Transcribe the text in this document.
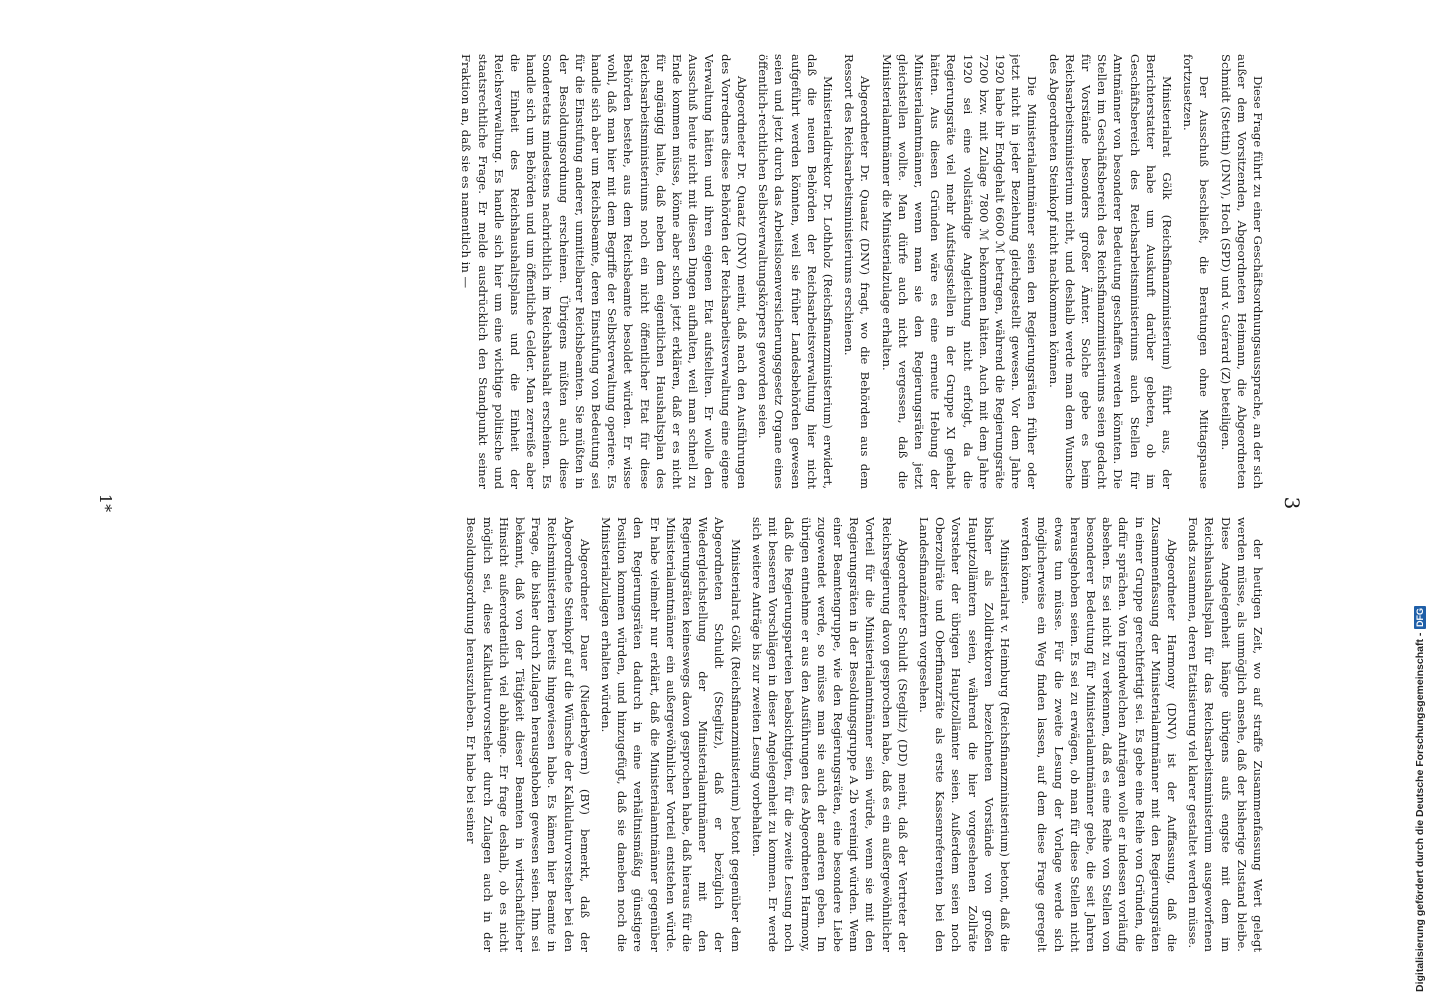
3

Diese Frage führt zu einer Geschäftsordnungsaussprache, an der sich außer dem Vorsitzenden, Abgeordneten Heimann, die Abgeordneten Schmidt (Stettin) (DNV), Hoch (SPD) und v. Guérard (Z) beteiligen.

Der Ausschuß beschließt, die Beratungen ohne Mittagspause fortzusetzen.

Ministerialrat Gölk (Reichsfinanzministerium) führt aus, der Berichterstatter habe um Auskunft darüber gebeten, ob im Geschäftsbereich des Reichsarbeitsministeriums auch Stellen für Amtmänner von besonderer Bedeutung geschaffen werden könnten. Die Stellen im Geschäftsbereich des Reichsfinanzministeriums seien gedacht für Vorstände besonders großer Ämter. Solche gebe es beim Reichsarbeitsministerium nicht, und deshalb werde man dem Wunsche des Abgeordneten Steinkopf nicht nachkommen können.

Die Ministerialamtmänner seien den Regierungsräten früher oder jetzt nicht in jeder Beziehung gleichgestellt gewesen. Vor dem Jahre 1920 habe ihr Endgehalt 6600 ℳ betragen, während die Regierungsräte 7200 bzw. mit Zulage 7800 ℳ bekommen hätten. Auch mit dem Jahre 1920 sei eine vollständige Angleichung nicht erfolgt, da die Regierungsräte viel mehr Aufstiegsstellen in der Gruppe XI gehabt hätten. Aus diesen Gründen wäre es eine erneute Hebung der Ministerialamtmänner, wenn man sie den Regierungsräten jetzt gleichstellen wollte. Man dürfe auch nicht vergessen, daß die Ministerialamtmänner die Ministerialzulage erhalten.

Abgeordneter Dr. Quaatz (DNV) fragt, wo die Behörden aus dem Ressort des Reichsarbeitsministeriums erschienen.

Ministerialdirektor Dr. Lothholz (Reichsfinanzministerium) erwidert, daß die neuen Behörden der Reichsarbeitsverwaltung hier nicht aufgeführt werden könnten, weil sie früher Landesbehörden gewesen seien und jetzt durch das Arbeitslosenversicherungsgesetz Organe eines öffentlich-rechtlichen Selbstverwaltungskörpers geworden seien.

Abgeordneter Dr. Quaatz (DNV) meint, daß nach den Ausführungen des Vorredners diese Behörden der Reichsarbeitsverwaltung eine eigene Verwaltung hätten und ihren eigenen Etat aufstellten. Er wolle den Ausschuß heute nicht mit diesen Dingen aufhalten, weil man schnell zu Ende kommen müsse, könne aber schon jetzt erklären, daß er es nicht für angängig halte, daß neben dem eigentlichen Haushaltsplan des Reichsarbeitsministeriums noch ein nicht öffentlicher Etat für diese Behörden bestehe, aus dem Reichsbeamte besoldet würden. Er wisse wohl, daß man hier mit dem Begriffe der Selbstverwaltung operiere. Es handle sich aber um Reichsbeamte, deren Einstufung von Bedeutung sei für die Einstufung anderer, unmittelbarer Reichsbeamten. Sie müßten in der Besoldungsordnung erscheinen. Übrigens müßten auch diese Sonderetats mindestens nachrichtlich im Reichshaushalt erscheinen. Es handle sich um Behörden und um öffentliche Gelder. Man zerreiße aber die Einheit des Reichshaushaltsplans und die Einheit der Reichsverwaltung. Es handle sich hier um eine wichtige politische und staatsrechtliche Frage. Er melde ausdrücklich den Standpunkt seiner Fraktion an, daß sie es namentlich in —

der heutigen Zeit, wo auf straffe Zusammenfassung Wert gelegt werden müsse, als unmöglich ansehe, daß der bisherige Zustand bleibe. Diese Angelegenheit hänge übrigens aufs engste mit dem im Reichshaushaltsplan für das Reichsarbeitsministerium ausgeworfenen Fonds zusammen, deren Etatisierung viel klarer gestaltet werden müsse.

Abgeordneter Harmony (DNV) ist der Auffassung, daß die Zusammenfassung der Ministerialamtmänner mit den Regierungsräten in einer Gruppe gerechtfertigt sei. Es gebe eine Reihe von Gründen, die dafür sprächen. Von irgendwelchen Anträgen wolle er indessen vorläufig absehen. Es sei nicht zu verkennen, daß es eine Reihe von Stellen von besonderer Bedeutung für Ministerialamtmänner gebe, die seit Jahren herausgehoben seien. Es sei zu erwägen, ob man für diese Stellen nicht etwas tun müsse. Für die zweite Lesung der Vorlage werde sich möglicherweise ein Weg finden lassen, auf dem diese Frage geregelt werden könne.

Ministerialrat v. Heimburg (Reichsfinanzministerium) betont, daß die bisher als Zolldirektoren bezeichneten Vorstände von großen Hauptzollämtern seien, während die hier vorgesehenen Zollräte Vorsteher der übrigen Hauptzollämter seien. Außerdem seien noch Oberzollräte und Oberfinanzräte als erste Kassenreferenten bei den Landesfinanzämtern vorgesehen.

Abgeordneter Schuldt (Steglitz) (DD) meint, daß der Vertreter der Reichsregierung davon gesprochen habe, daß es ein außergewöhnlicher Vorteil für die Ministerialamtmänner sein würde, wenn sie mit den Regierungsräten in der Besoldungsgruppe A 2b vereinigt würden. Wenn einer Beamtengruppe, wie den Regierungsräten, eine besondere Liebe zugewendet werde, so müsse man sie auch der anderen geben. Im übrigen entnehme er aus den Ausführungen des Abgeordneten Harmony, daß die Regierungsparteien beabsichtigten, für die zweite Lesung noch mit besseren Vorschlägen in dieser Angelegenheit zu kommen. Er werde sich weitere Anträge bis zur zweiten Lesung vorbehalten.

Ministerialrat Gölk (Reichsfinanzministerium) betont gegenüber dem Abgeordneten Schuldt (Steglitz), daß er bezüglich der Wiedergleichstellung der Ministerialamtmänner mit den Regierungsräten keineswegs davon gesprochen habe, daß hieraus für die Ministerialamtmänner ein außergewöhnlicher Vorteil entstehen würde. Er habe vielmehr nur erklärt, daß die Ministerialamtmänner gegenüber den Regierungsräten dadurch in eine verhältnismäßig günstigere Position kommen würden, und hinzugefügt, daß sie daneben noch die Ministerialzulagen erhalten würden.

Abgeordneter Dauer (Niederbayern) (BV) bemerkt, daß der Abgeordnete Steinkopf auf die Wünsche der Kalkulaturvorsteher bei den Reichsministerien bereits hingewiesen habe. Es kämen hier Beamte in Frage, die bisher durch Zulagen herausgehoben gewesen seien. Ihm sei bekannt, daß von der Tätigkeit dieser Beamten in wirtschaftlicher Hinsicht außerordentlich viel abhänge. Er frage deshalb, ob es nicht möglich sei, diese Kalkulaturvorsteher durch Zulagen auch in der Besoldungsordnung herauszuheben. Er habe bei seiner

1*
Digitalisierung gefördert durch die Deutsche Forschungsgemeinschaft -
DFG
